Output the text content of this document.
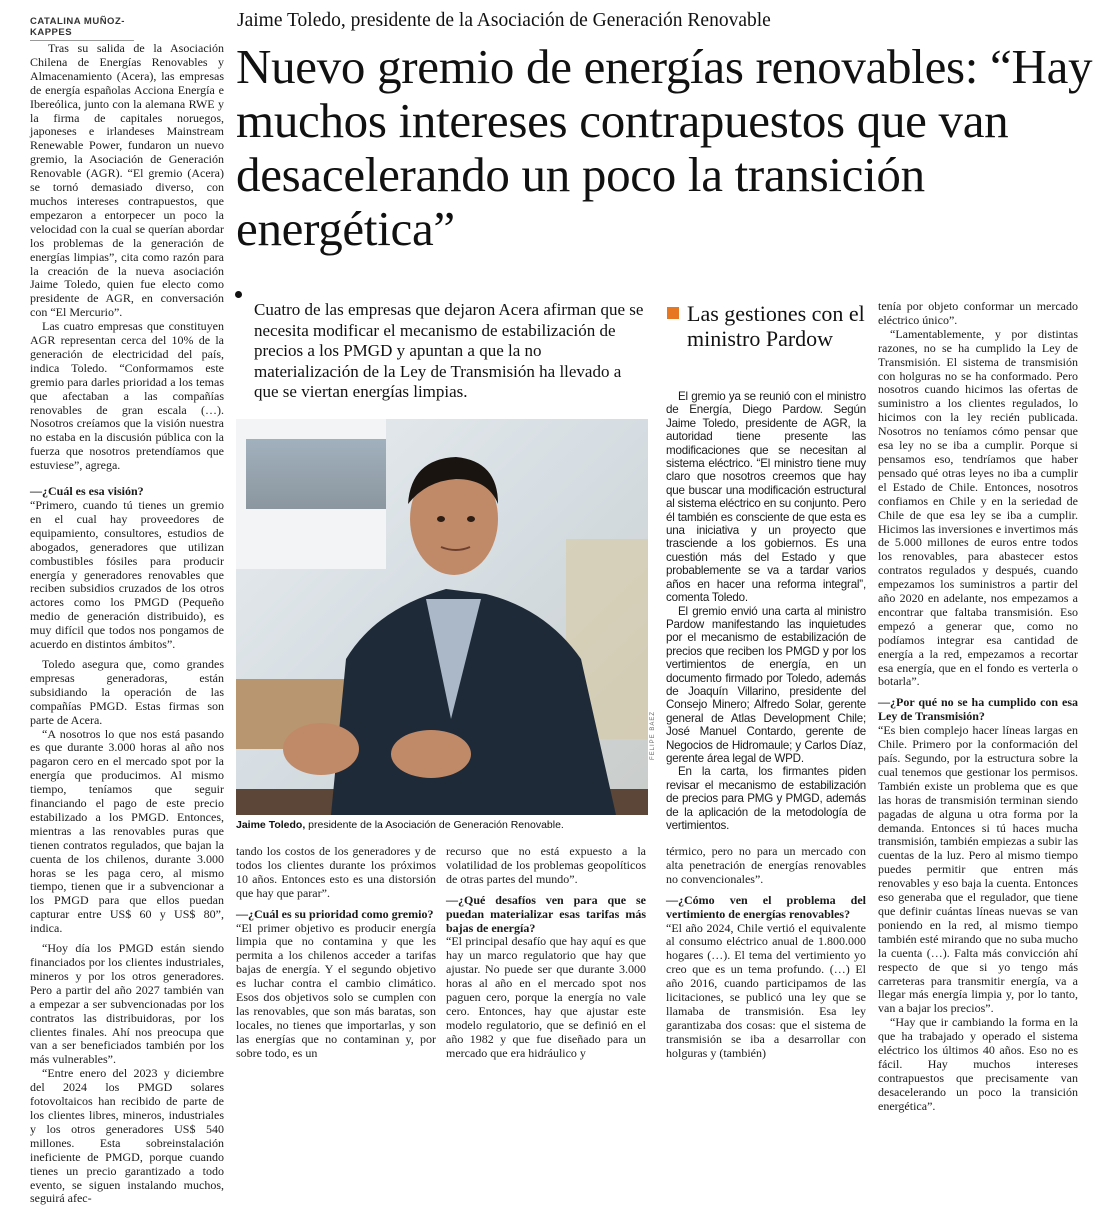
CATALINA MUÑOZ-KAPPES
Jaime Toledo, presidente de la Asociación de Generación Renovable
Nuevo gremio de energías renovables: “Hay muchos intereses contrapuestos que van desacelerando un poco la transición energética”
Cuatro de las empresas que dejaron Acera afirman que se necesita modificar el mecanismo de estabilización de precios a los PMGD y apuntan a que la no materialización de la Ley de Transmisión ha llevado a que se viertan energías limpias.

Tras su salida de la Asociación Chilena de Energías Renovables y Almacenamiento (Acera), las empresas de energía españolas Acciona Energía e Ibereólica, junto con la alemana RWE y la firma de capitales noruegos, japoneses e irlandeses Mainstream Renewable Power, fundaron un nuevo gremio, la Asociación de Generación Renovable (AGR). “El gremio (Acera) se tornó demasiado diverso, con muchos intereses contrapuestos, que empezaron a entorpecer un poco la velocidad con la cual se querían abordar los problemas de la generación de energías limpias”, cita como razón para la creación de la nueva asociación Jaime Toledo, quien fue electo como presidente de AGR, en conversación con “El Mercurio”.

Las cuatro empresas que constituyen AGR representan cerca del 10% de la generación de electricidad del país, indica Toledo. “Conformamos este gremio para darles prioridad a los temas que afectaban a las compañías renovables de gran escala (…). Nosotros creíamos que la visión nuestra no estaba en la discusión pública con la fuerza que nosotros pretendíamos que estuviese”, agrega.

—¿Cuál es esa visión?

“Primero, cuando tú tienes un gremio en el cual hay proveedores de equipamiento, consultores, estudios de abogados, generadores que utilizan combustibles fósiles para producir energía y generadores renovables que reciben subsidios cruzados de los otros actores como los PMGD (Pequeño medio de generación distribuido), es muy difícil que todos nos pongamos de acuerdo en distintos ámbitos”.

Toledo asegura que, como grandes empresas generadoras, están subsidiando la operación de las compañías PMGD. Estas firmas son parte de Acera.

“A nosotros lo que nos está pasando es que durante 3.000 horas al año nos pagaron cero en el mercado spot por la energía que producimos. Al mismo tiempo, teníamos que seguir financiando el pago de este precio estabilizado a los PMGD. Entonces, mientras a las renovables puras que tienen contratos regulados, que bajan la cuenta de los chilenos, durante 3.000 horas se les paga cero, al mismo tiempo, tienen que ir a subvencionar a los PMGD para que ellos puedan capturar entre US$ 60 y US$ 80”, indica.

“Hoy día los PMGD están siendo financiados por los clientes industriales, mineros y por los otros generadores. Pero a partir del año 2027 también van a empezar a ser subvencionadas por los contratos las distribuidoras, por los clientes finales. Ahí nos preocupa que van a ser beneficiados también por los más vulnerables”.

“Entre enero del 2023 y diciembre del 2024 los PMGD solares fotovoltaicos han recibido de parte de los clientes libres, mineros, industriales y los otros generadores US$ 540 millones. Esta sobreinstalación ineficiente de PMGD, porque cuando tienes un precio garantizado a todo evento, se siguen instalando muchos, seguirá afec-

Jaime Toledo, presidente de la Asociación de Generación Renovable.
FELIPE BAEZ
Las gestiones con el ministro Pardow

El gremio ya se reunió con el ministro de Energía, Diego Pardow. Según Jaime Toledo, presidente de AGR, la autoridad tiene presente las modificaciones que se necesitan al sistema eléctrico. “El ministro tiene muy claro que nosotros creemos que hay que buscar una modificación estructural al sistema eléctrico en su conjunto. Pero él también es consciente de que esta es una iniciativa y un proyecto que trasciende a los gobiernos. Es una cuestión más del Estado y que probablemente se va a tardar varios años en hacer una reforma integral”, comenta Toledo.

El gremio envió una carta al ministro Pardow manifestando las inquietudes por el mecanismo de estabilización de precios que reciben los PMGD y por los vertimientos de energía, en un documento firmado por Toledo, además de Joaquín Villarino, presidente del Consejo Minero; Alfredo Solar, gerente general de Atlas Development Chile; José Manuel Contardo, gerente de Negocios de Hidromaule; y Carlos Díaz, gerente área legal de WPD.

En la carta, los firmantes piden revisar el mecanismo de estabilización de precios para PMG y PMGD, además de la aplicación de la metodología de vertimientos.

tando los costos de los generadores y de todos los clientes durante los próximos 10 años. Entonces esto es una distorsión que hay que parar”.

—¿Cuál es su prioridad como gremio?

“El primer objetivo es producir energía limpia que no contamina y que les permita a los chilenos acceder a tarifas bajas de energía. Y el segundo objetivo es luchar contra el cambio climático. Esos dos objetivos solo se cumplen con las renovables, que son más baratas, son locales, no tienes que importarlas, y son las energías que no contaminan y, por sobre todo, es un

recurso que no está expuesto a la volatilidad de los problemas geopolíticos de otras partes del mundo”.

—¿Qué desafíos ven para que se puedan materializar esas tarifas más bajas de energía?

“El principal desafío que hay aquí es que hay un marco regulatorio que hay que ajustar. No puede ser que durante 3.000 horas al año en el mercado spot nos paguen cero, porque la energía no vale cero. Entonces, hay que ajustar este modelo regulatorio, que se definió en el año 1982 y que fue diseñado para un mercado que era hidráulico y

térmico, pero no para un mercado con alta penetración de energías renovables no convencionales”.

—¿Cómo ven el problema del vertimiento de energías renovables?

“El año 2024, Chile vertió el equivalente al consumo eléctrico anual de 1.800.000 hogares (…). El tema del vertimiento yo creo que es un tema profundo. (…) El año 2016, cuando participamos de las licitaciones, se publicó una ley que se llamaba de transmisión. Esa ley garantizaba dos cosas: que el sistema de transmisión se iba a desarrollar con holguras y (también)

tenía por objeto conformar un mercado eléctrico único”.

“Lamentablemente, y por distintas razones, no se ha cumplido la Ley de Transmisión. El sistema de transmisión con holguras no se ha conformado. Pero nosotros cuando hicimos las ofertas de suministro a los clientes regulados, lo hicimos con la ley recién publicada. Nosotros no teníamos cómo pensar que esa ley no se iba a cumplir. Porque si pensamos eso, tendríamos que haber pensado qué otras leyes no iba a cumplir el Estado de Chile. Entonces, nosotros confiamos en Chile y en la seriedad de Chile de que esa ley se iba a cumplir. Hicimos las inversiones e invertimos más de 5.000 millones de euros entre todos los renovables, para abastecer estos contratos regulados y después, cuando empezamos los suministros a partir del año 2020 en adelante, nos empezamos a encontrar que faltaba transmisión. Eso empezó a generar que, como no podíamos integrar esa cantidad de energía a la red, empezamos a recortar esa energía, que en el fondo es verterla o botarla”.

—¿Por qué no se ha cumplido con esa Ley de Transmisión?

“Es bien complejo hacer líneas largas en Chile. Primero por la conformación del país. Segundo, por la estructura sobre la cual tenemos que gestionar los permisos. También existe un problema que es que las horas de transmisión terminan siendo pagadas de alguna u otra forma por la demanda. Entonces si tú haces mucha transmisión, también empiezas a subir las cuentas de la luz. Pero al mismo tiempo puedes permitir que entren más renovables y eso baja la cuenta. Entonces eso generaba que el regulador, que tiene que definir cuántas líneas nuevas se van poniendo en la red, al mismo tiempo también esté mirando que no suba mucho la cuenta (…). Falta más convicción ahí respecto de que si yo tengo más carreteras para transmitir energía, va a llegar más energía limpia y, por lo tanto, van a bajar los precios”.

“Hay que ir cambiando la forma en la que ha trabajado y operado el sistema eléctrico los últimos 40 años. Eso no es fácil. Hay muchos intereses contrapuestos que precisamente van desacelerando un poco la transición energética”.
